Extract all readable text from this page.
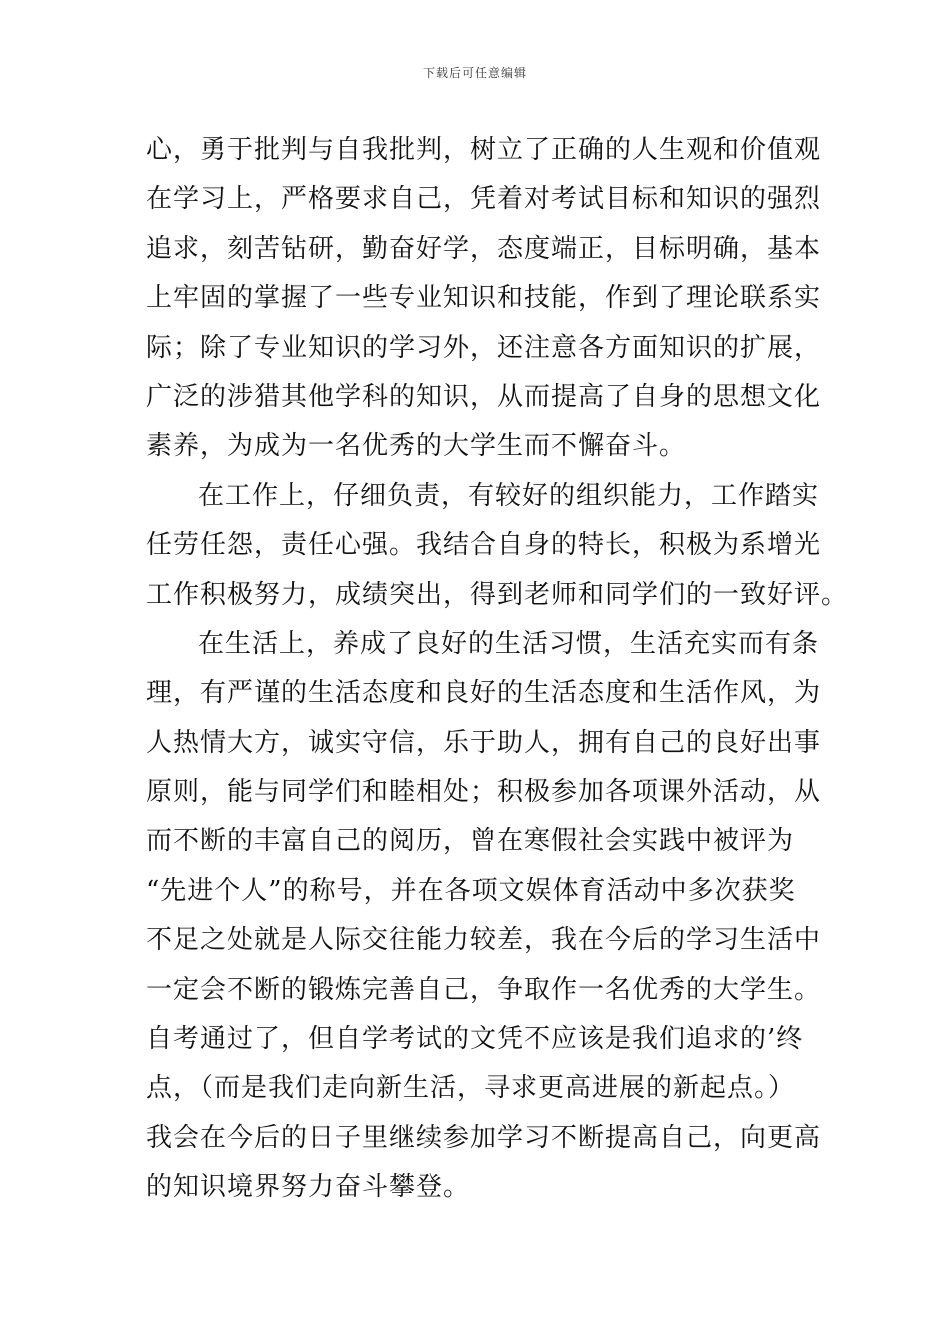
下载后可任意编辑
心，勇于批判与自我批判，树立了正确的人生观和价值观
在学习上，严格要求自己，凭着对考试目标和知识的强烈
追求，刻苦钻研，勤奋好学，态度端正，目标明确，基本
上牢固的掌握了一些专业知识和技能，作到了理论联系实
际；除了专业知识的学习外，还注意各方面知识的扩展，
广泛的涉猎其他学科的知识，从而提高了自身的思想文化
素养，为成为一名优秀的大学生而不懈奋斗。
在工作上，仔细负责，有较好的组织能力，工作踏实
任劳任怨，责任心强。我结合自身的特长，积极为系增光
工作积极努力，成绩突出，得到老师和同学们的一致好评。
在生活上，养成了良好的生活习惯，生活充实而有条
理，有严谨的生活态度和良好的生活态度和生活作风，为
人热情大方，诚实守信，乐于助人，拥有自己的良好出事
原则，能与同学们和睦相处；积极参加各项课外活动，从
而不断的丰富自己的阅历，曾在寒假社会实践中被评为
“先进个人”的称号，并在各项文娱体育活动中多次获奖
不足之处就是人际交往能力较差，我在今后的学习生活中
一定会不断的锻炼完善自己，争取作一名优秀的大学生。
自考通过了，但自学考试的文凭不应该是我们追求的’终
点，（而是我们走向新生活，寻求更高进展的新起点。）
我会在今后的日子里继续参加学习不断提高自己，向更高
的知识境界努力奋斗攀登。
